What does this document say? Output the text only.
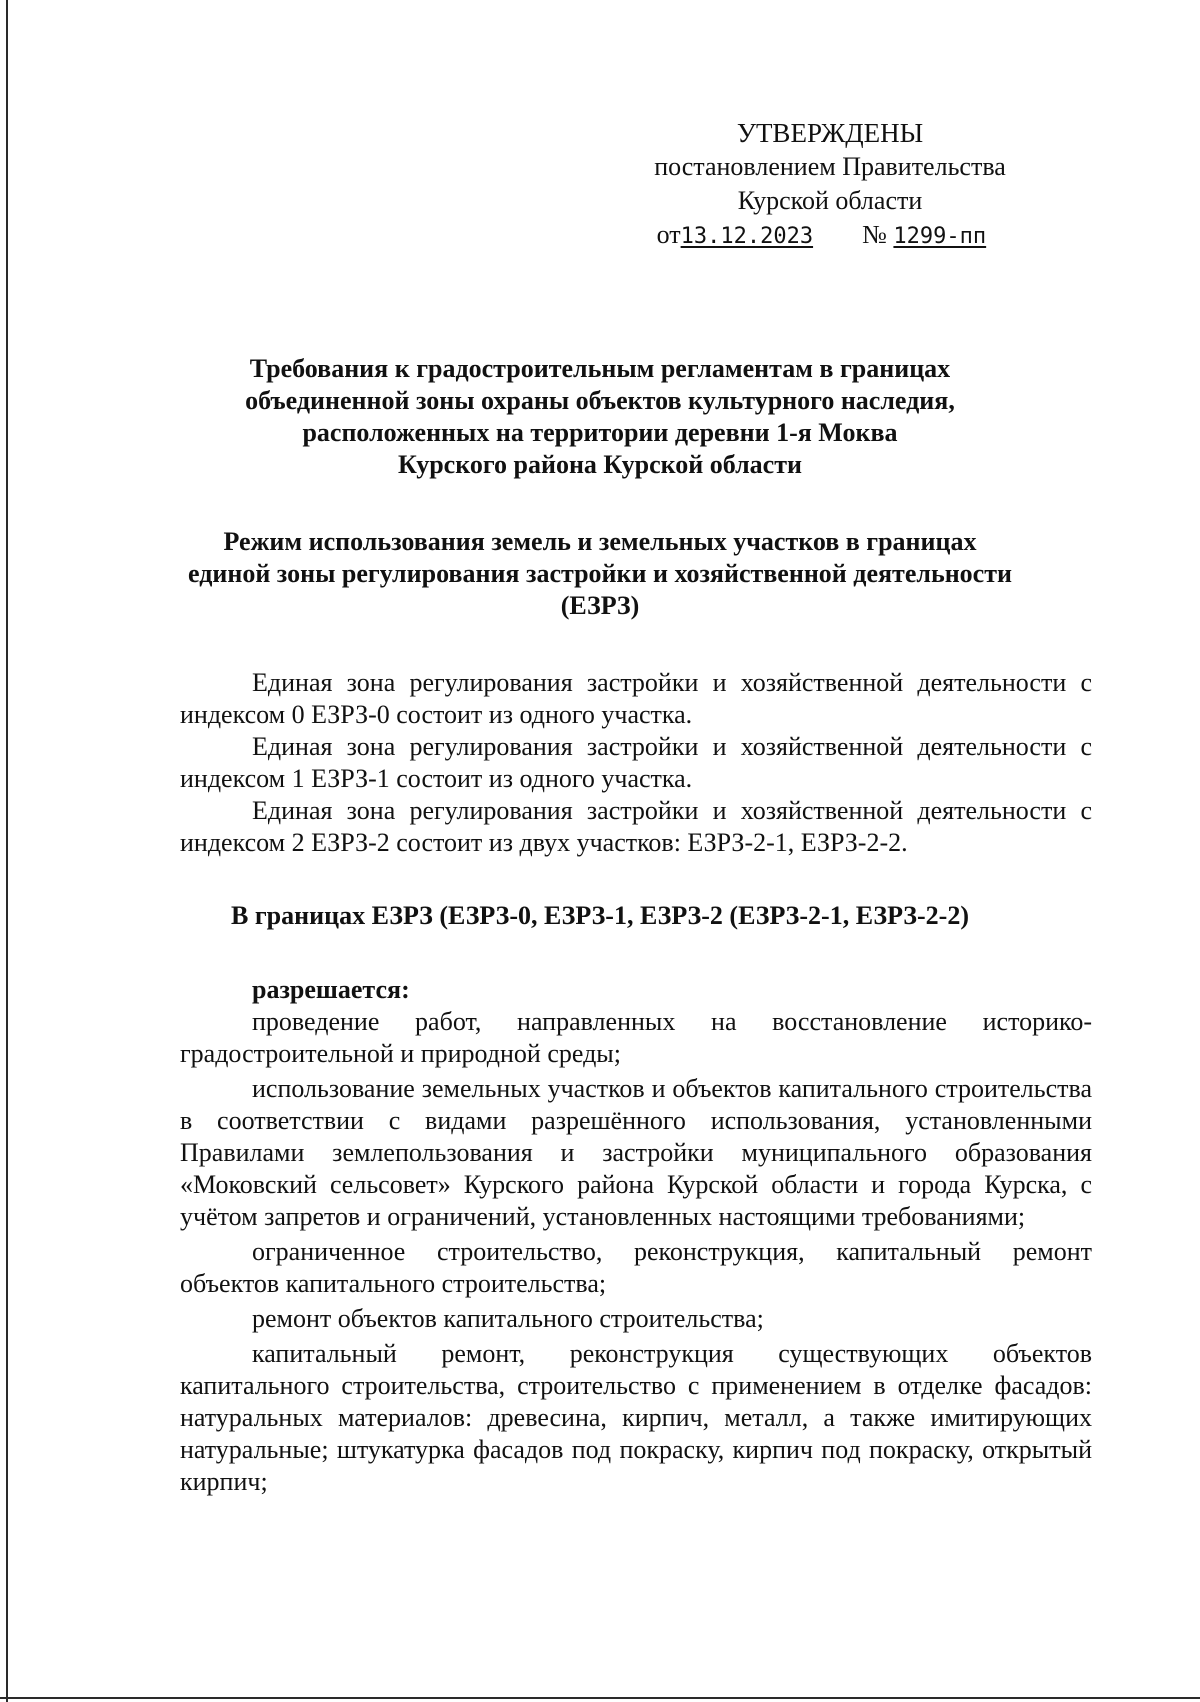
УТВЕРЖДЕНЫ
постановлением Правительства
Курской области
от13.12.2023 № 1299-пп
Требования к градостроительным регламентам в границах
объединенной зоны охраны объектов культурного наследия,
расположенных на территории деревни 1-я Моква
Курского района Курской области
Режим использования земель и земельных участков в границах
единой зоны регулирования застройки и хозяйственной деятельности
(ЕЗРЗ)

Единая зона регулирования застройки и хозяйственной деятельности с индексом 0 ЕЗРЗ-0 состоит из одного участка.

Единая зона регулирования застройки и хозяйственной деятельности с индексом 1 ЕЗРЗ-1 состоит из одного участка.

Единая зона регулирования застройки и хозяйственной деятельности с индексом 2 ЕЗРЗ-2 состоит из двух участков: ЕЗРЗ-2-1, ЕЗРЗ-2-2.

В границах ЕЗРЗ (ЕЗРЗ-0, ЕЗРЗ-1, ЕЗРЗ-2 (ЕЗРЗ-2-1, ЕЗРЗ-2-2)
разрешается:

проведение работ, направленных на восстановление историко-градостроительной и природной среды;

использование земельных участков и объектов капитального строительства в соответствии с видами разрешённого использования, установленными Правилами землепользования и застройки муниципального образования «Моковский сельсовет» Курского района Курской области и города Курска, с учётом запретов и ограничений, установленных настоящими требованиями;

ограниченное строительство, реконструкция, капитальный ремонт объектов капитального строительства;

ремонт объектов капитального строительства;

капитальный ремонт, реконструкция существующих объектов капитального строительства, строительство с применением в отделке фасадов: натуральных материалов: древесина, кирпич, металл, а также имитирующих натуральные; штукатурка фасадов под покраску, кирпич под покраску, открытый кирпич;
